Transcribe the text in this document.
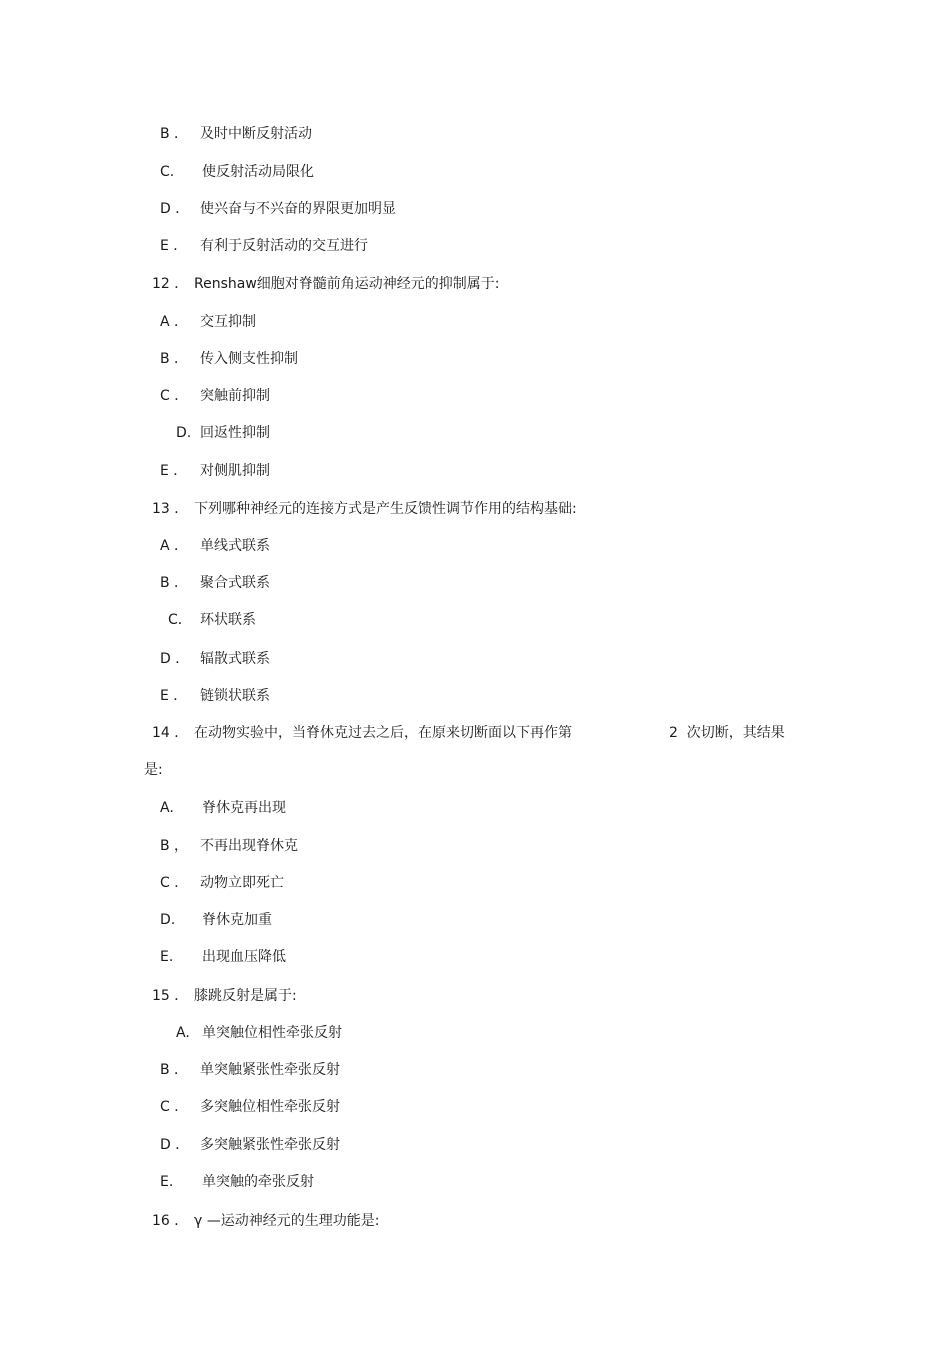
B ． 及时中断反射活动
C. 使反射活动局限化
D ． 使兴奋与不兴奋的界限更加明显
E ． 有利于反射活动的交互进行
12 ． Renshaw细胞对脊髓前角运动神经元的抑制属于:
A ． 交互抑制
B ． 传入侧支性抑制
C ． 突触前抑制
D. 回返性抑制
E ． 对侧肌抑制
13 ． 下列哪种神经元的连接方式是产生反馈性调节作用的结构基础:
A ． 单线式联系
B ． 聚合式联系
C． 环状联系
D ． 辐散式联系
E ． 链锁状联系
14 ． 在动物实验中，当脊休克过去之后，在原来切断面以下再作第	2  次切断，其结果
是:
A. 脊休克再出现
B ， 不再出现脊休克
C ． 动物立即死亡
D. 脊休克加重
E. 出现血压降低
15 ． 膝跳反射是属于:
A. 单突触位相性牵张反射
B ． 单突触紧张性牵张反射
C ． 多突触位相性牵张反射
D ． 多突触紧张性牵张反射
E. 单突触的牵张反射
16 ． γ —运动神经元的生理功能是:
